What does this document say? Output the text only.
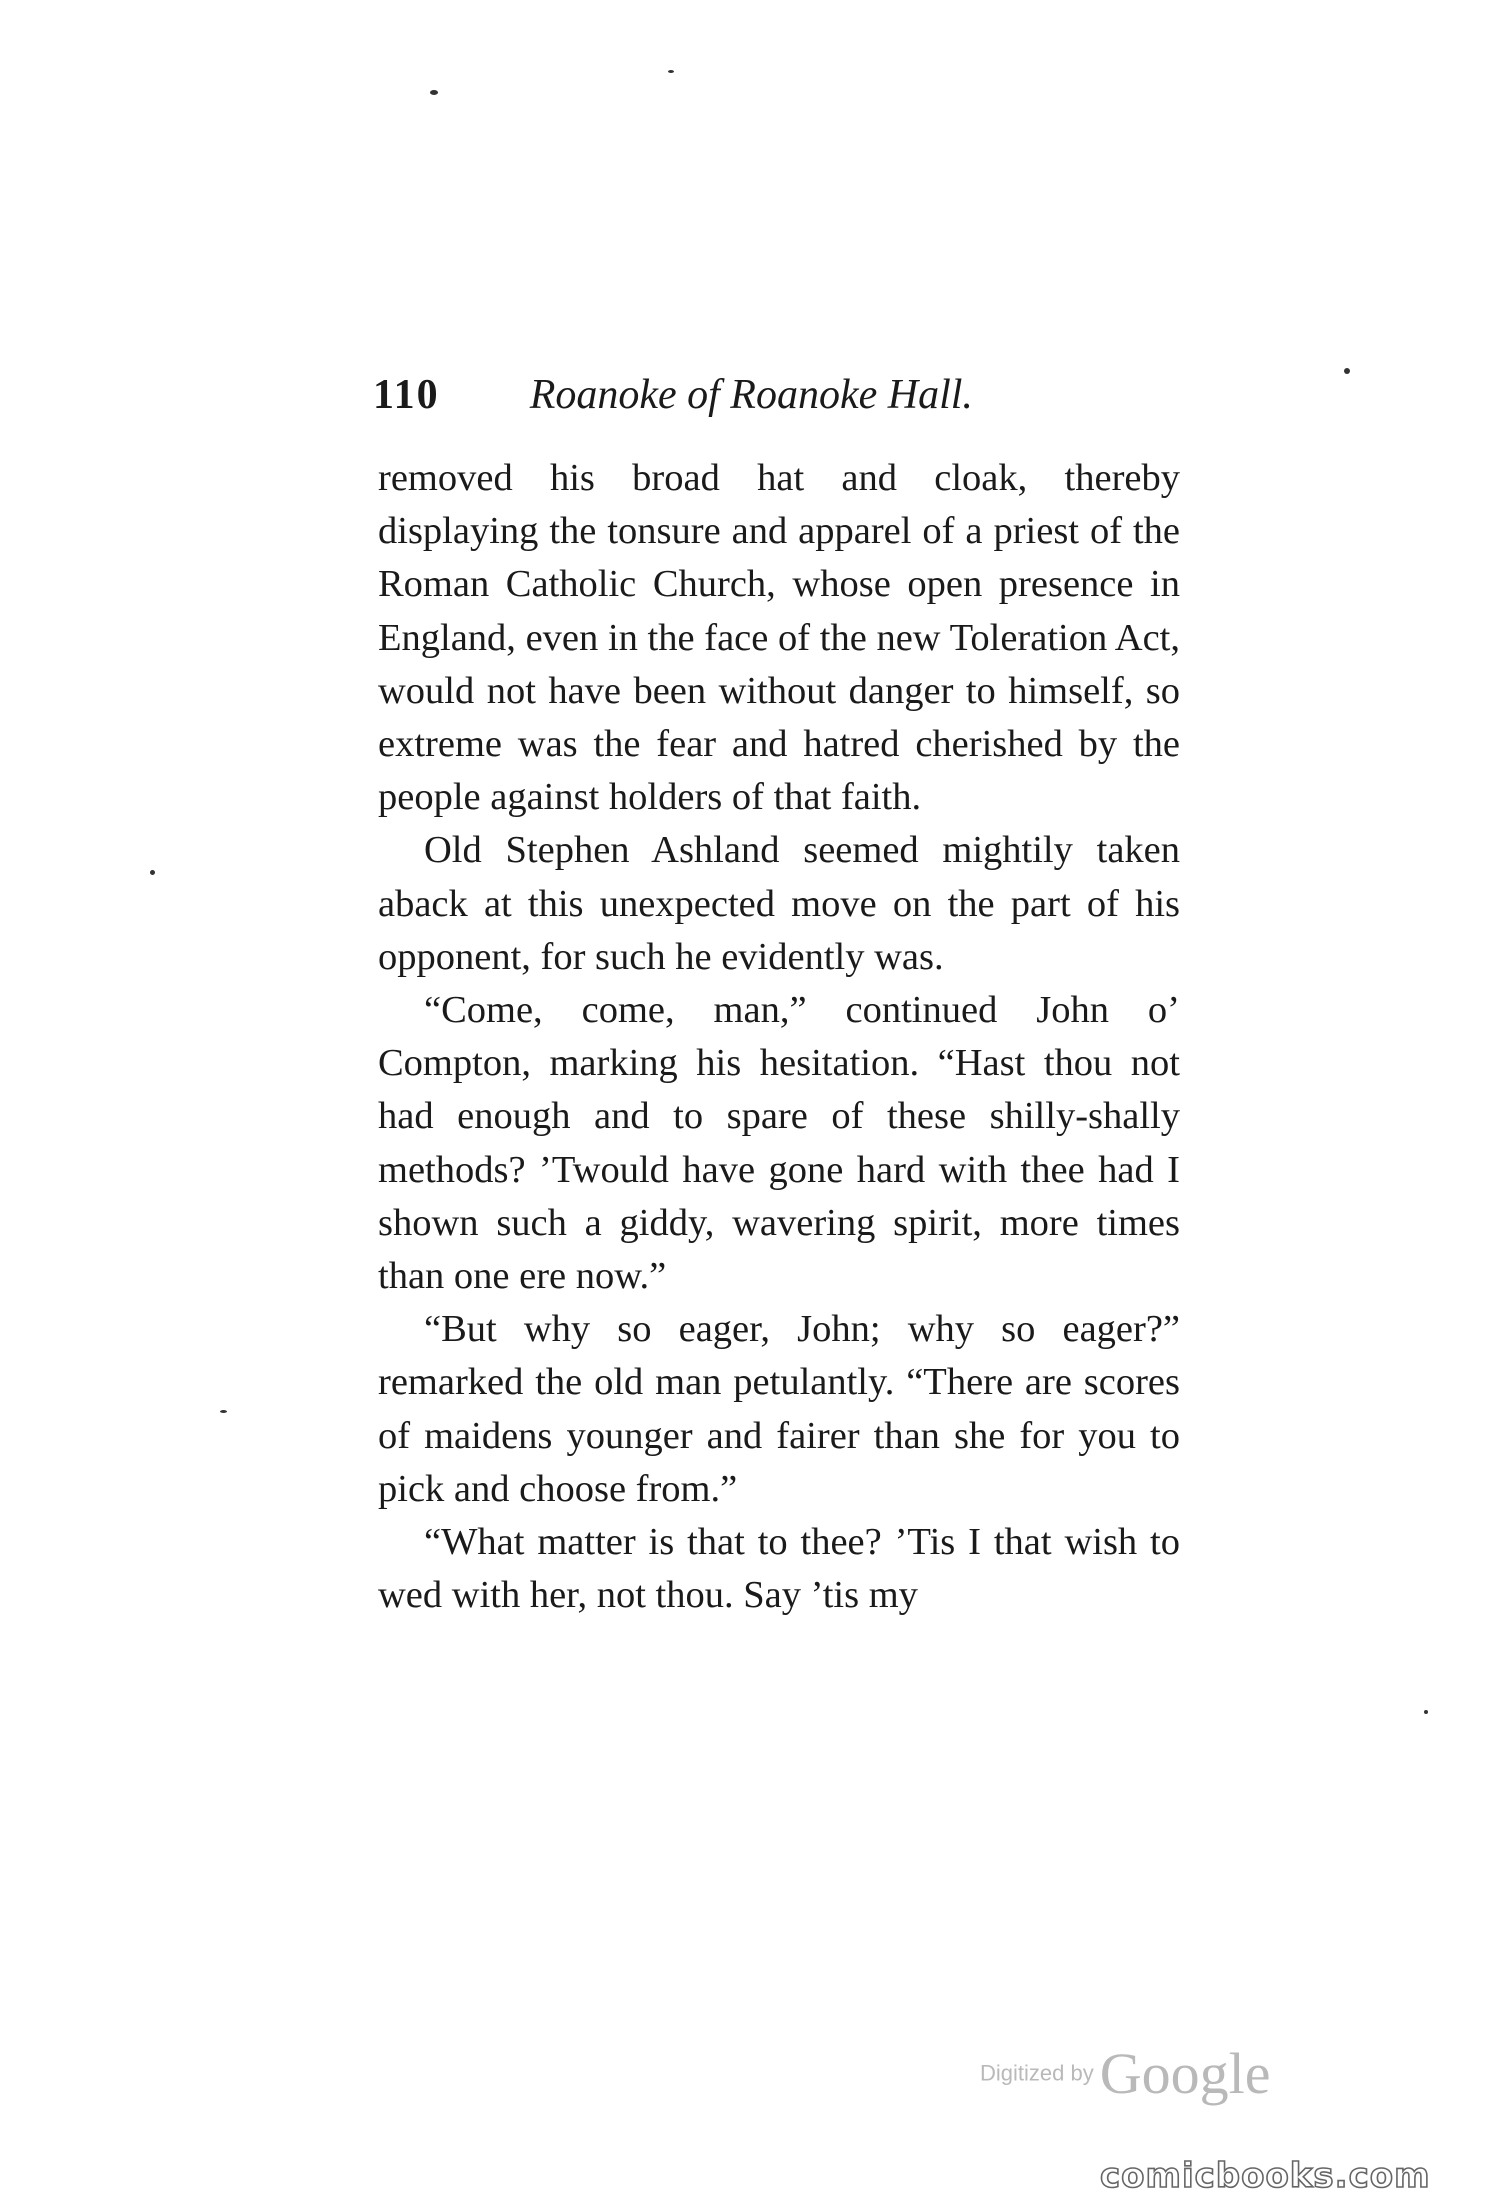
110 Roanoke of Roanoke Hall.

removed his broad hat and cloak, thereby displaying the tonsure and apparel of a priest of the Roman Catholic Church, whose open presence in England, even in the face of the new Toleration Act, would not have been without danger to himself, so extreme was the fear and hatred cherished by the people against holders of that faith.

Old Stephen Ashland seemed mightily taken aback at this unexpected move on the part of his opponent, for such he evidently was.

“Come, come, man,” continued John o’ Compton, marking his hesitation. “Hast thou not had enough and to spare of these shilly-shally methods? ’Twould have gone hard with thee had I shown such a giddy, wavering spirit, more times than one ere now.”

“But why so eager, John; why so eager?” remarked the old man petulantly. “There are scores of maidens younger and fairer than she for you to pick and choose from.”

“What matter is that to thee? ’Tis I that wish to wed with her, not thou. Say ’tis my

Digitized by Google
comicbooks.com
